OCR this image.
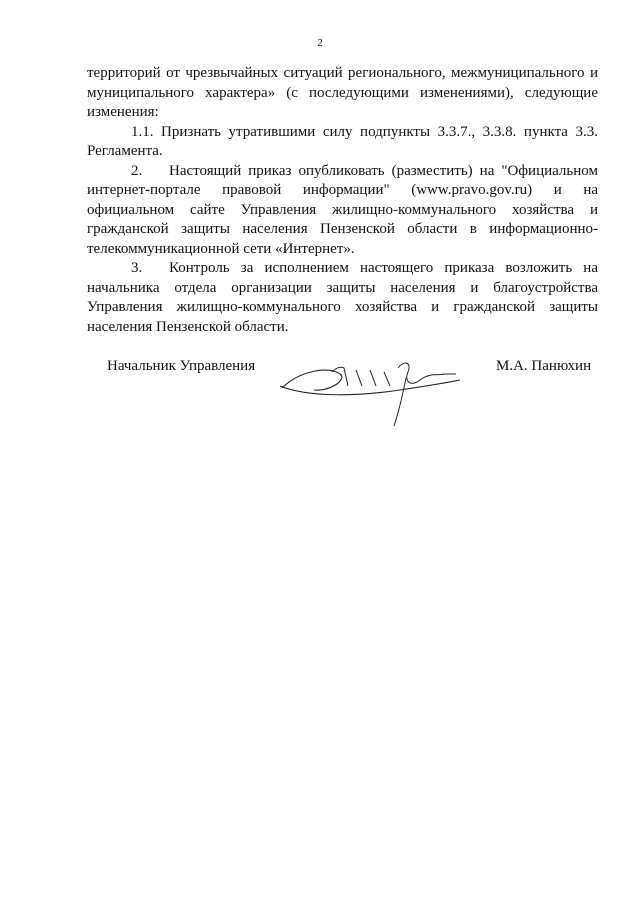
2

территорий от чрезвычайных ситуаций регионального, межмуниципального и муниципального характера» (с последующими изменениями), следующие изменения:

1.1. Признать утратившими силу подпункты 3.3.7., 3.3.8. пункта 3.3. Регламента.

2. Настоящий приказ опубликовать (разместить) на "Официальном интернет-портале правовой информации" (www.pravo.gov.ru) и на официальном сайте Управления жилищно-коммунального хозяйства и гражданской защиты населения Пензенской области в информационно-телекоммуникационной сети «Интернет».

3. Контроль за исполнением настоящего приказа возложить на начальника отдела организации защиты населения и благоустройства Управления жилищно-коммунального хозяйства и гражданской защиты населения Пензенской области.

Начальник Управления	М.А. Панюхин
